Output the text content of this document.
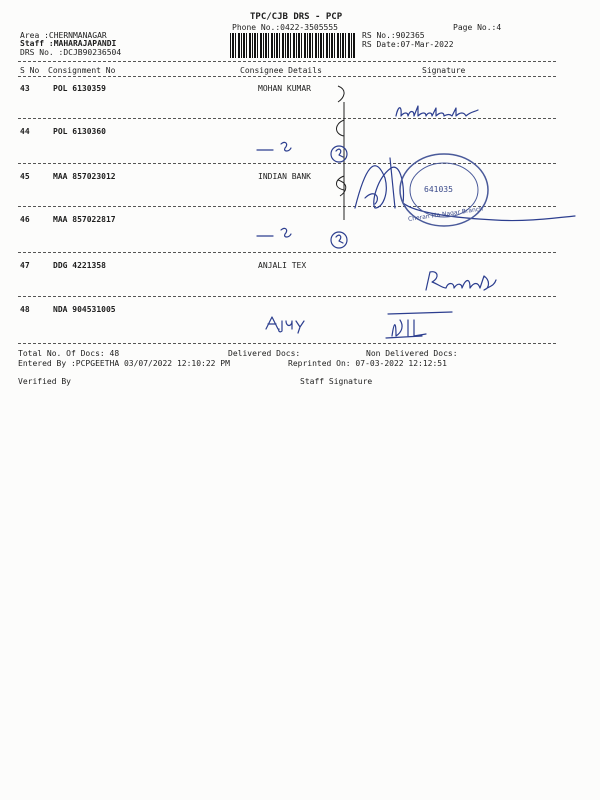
TPC/CJB DRS - PCP
Phone No.:0422-3505555	Page No.:4
Area :CHERNMANAGAR
Staff :MAHARAJAPANDI
DRS No. :DCJB90236504
RS No.:902365
RS Date:07-Mar-2022
S No Consignment No	Consignee Details	Signature
43	POL 6130359	MOHAN KUMAR
44	POL 6130360
45	MAA 857023012	INDIAN BANK
46	MAA 857022817
47	DDG 4221358	ANJALI TEX
48	NDA 904531005
641035
Cheran Ma Nagar Branch
Total No. Of Docs: 48	Delivered Docs:	Non Delivered Docs:
Entered By :PCPGEETHA 03/07/2022 12:10:22 PM	Reprinted On: 07-03-2022 12:12:51
Verified By	Staff Signature
